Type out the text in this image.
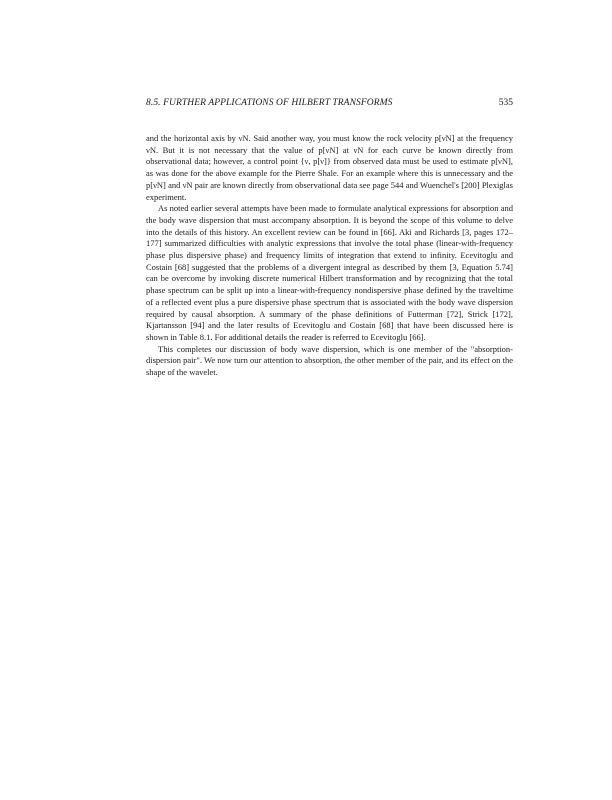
8.5. FURTHER APPLICATIONS OF HILBERT TRANSFORMS	535

and the horizontal axis by νN. Said another way, you must know the rock velocity p[νN] at the frequency νN. But it is not necessary that the value of p[νN] at νN for each curve be known directly from observational data; however, a control point {ν, p[ν]} from observed data must be used to estimate p[νN], as was done for the above example for the Pierre Shale. For an example where this is unnecessary and the p[νN] and νN pair are known directly from observational data see page 544 and Wuenchel's [200] Plexiglas experiment.

As noted earlier several attempts have been made to formulate analytical expressions for absorption and the body wave dispersion that must accompany absorption. It is beyond the scope of this volume to delve into the details of this history. An excellent review can be found in [66]. Aki and Richards [3, pages 172–177] summarized difficulties with analytic expressions that involve the total phase (linear-with-frequency phase plus dispersive phase) and frequency limits of integration that extend to infinity. Ecevitoglu and Costain [68] suggested that the problems of a divergent integral as described by them [3, Equation 5.74] can be overcome by invoking discrete numerical Hilbert transformation and by recognizing that the total phase spectrum can be split up into a linear-with-frequency nondispersive phase defined by the traveltime of a reflected event plus a pure dispersive phase spectrum that is associated with the body wave dispersion required by causal absorption. A summary of the phase definitions of Futterman [72], Strick [172], Kjartansson [94] and the later results of Ecevitoglu and Costain [68] that have been discussed here is shown in Table 8.1. For additional details the reader is referred to Ecevitoglu [66].

This completes our discussion of body wave dispersion, which is one member of the "absorption-dispersion pair". We now turn our attention to absorption, the other member of the pair, and its effect on the shape of the wavelet.
